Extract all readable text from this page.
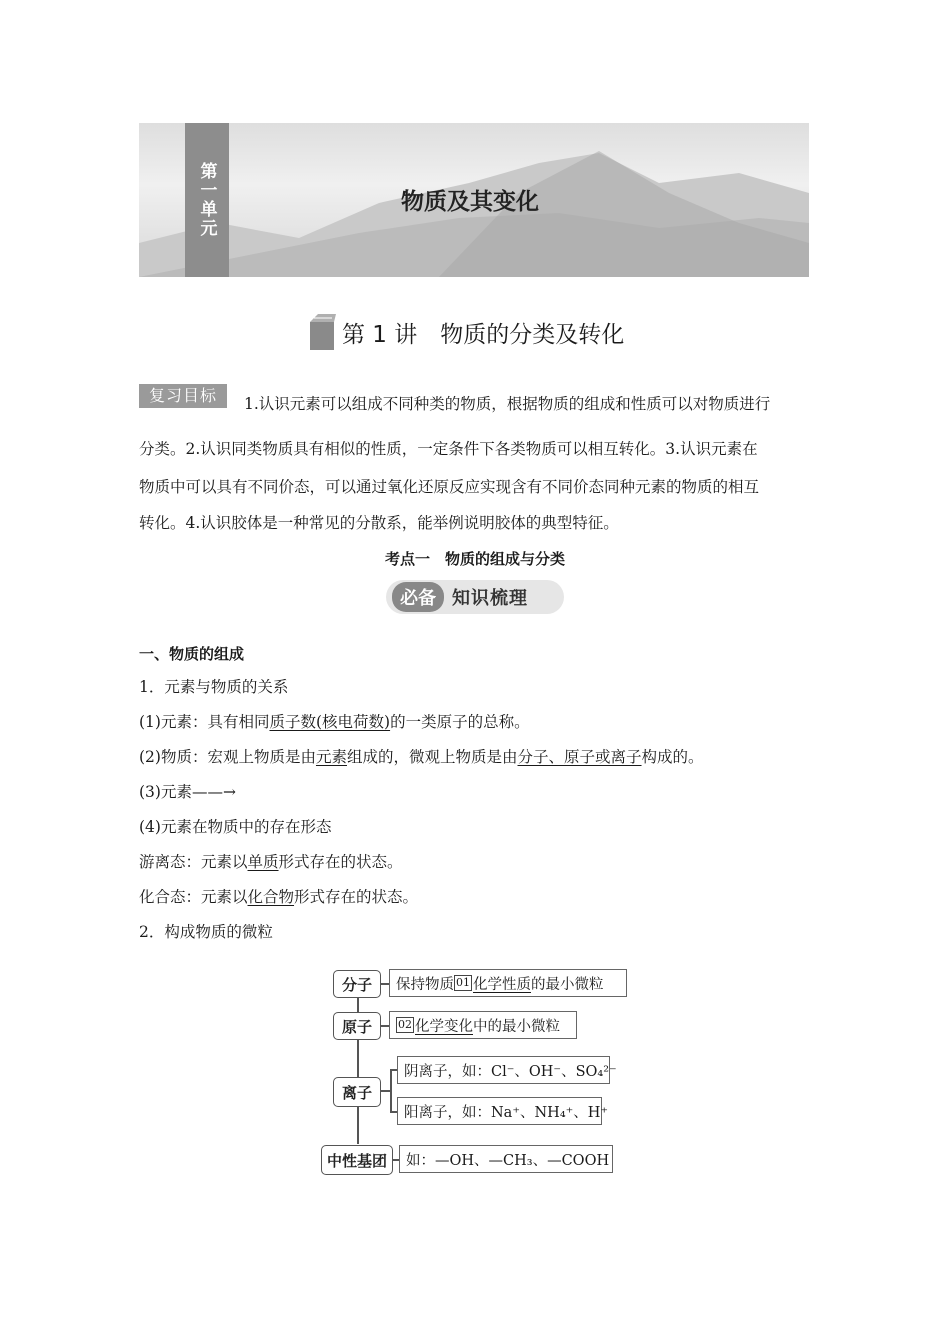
第一单元	物质及其变化
第 1 讲　物质的分类及转化
复习目标	1.认识元素可以组成不同种类的物质，根据物质的组成和性质可以对物质进行
分类。2.认识同类物质具有相似的性质，一定条件下各类物质可以相互转化。3.认识元素在
物质中可以具有不同价态，可以通过氧化还原反应实现含有不同价态同种元素的物质的相互
转化。4.认识胶体是一种常见的分散系，能举例说明胶体的典型特征。
考点一　物质的组成与分类
必备 知识梳理
一、物质的组成
1．元素与物质的关系
(1)元素：具有相同质子数(核电荷数)的一类原子的总称。
(2)物质：宏观上物质是由元素组成的，微观上物质是由分子、原子或离子构成的。
(3)元素——→
(4)元素在物质中的存在形态
游离态：元素以单质形式存在的状态。
化合态：元素以化合物形式存在的状态。
2．构成物质的微粒
分子	保持物质 01 化学性质 的最小微粒
原子	02 化学变化 中的最小微粒
离子
阴离子，如：Cl⁻、OH⁻、SO₄²⁻
阳离子，如：Na⁺、NH₄⁺、H⁺
中性基团	如：—OH、—CH₃、—COOH
